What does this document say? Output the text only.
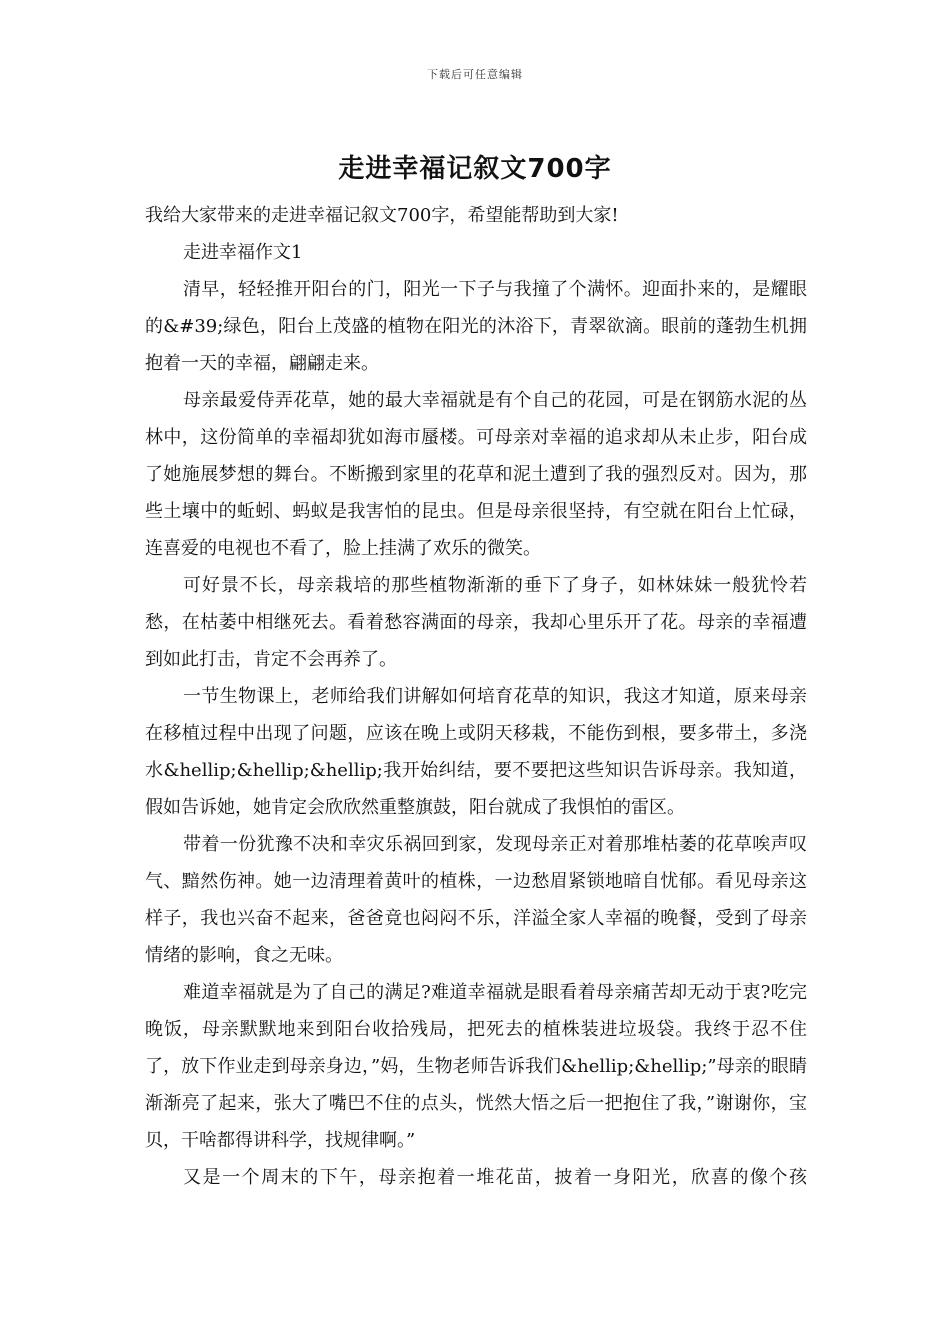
下载后可任意编辑
走进幸福记叙文700字

我给大家带来的走进幸福记叙文700字，希望能帮助到大家!

走进幸福作文1

清早，轻轻推开阳台的门，阳光一下子与我撞了个满怀。迎面扑来的，是耀眼的&#39;绿色，阳台上茂盛的植物在阳光的沐浴下，青翠欲滴。眼前的蓬勃生机拥抱着一天的幸福，翩翩走来。

母亲最爱侍弄花草，她的最大幸福就是有个自己的花园，可是在钢筋水泥的丛林中，这份简单的幸福却犹如海市蜃楼。可母亲对幸福的追求却从未止步，阳台成了她施展梦想的舞台。不断搬到家里的花草和泥土遭到了我的强烈反对。因为，那些土壤中的蚯蚓、蚂蚁是我害怕的昆虫。但是母亲很坚持，有空就在阳台上忙碌，连喜爱的电视也不看了，脸上挂满了欢乐的微笑。

可好景不长，母亲栽培的那些植物渐渐的垂下了身子，如林妹妹一般犹怜若愁，在枯萎中相继死去。看着愁容满面的母亲，我却心里乐开了花。母亲的幸福遭到如此打击，肯定不会再养了。

一节生物课上，老师给我们讲解如何培育花草的知识，我这才知道，原来母亲在移植过程中出现了问题，应该在晚上或阴天移栽，不能伤到根，要多带土，多浇水&hellip;&hellip;&hellip;我开始纠结，要不要把这些知识告诉母亲。我知道，假如告诉她，她肯定会欣欣然重整旗鼓，阳台就成了我惧怕的雷区。

带着一份犹豫不决和幸灾乐祸回到家，发现母亲正对着那堆枯萎的花草唉声叹气、黯然伤神。她一边清理着黄叶的植株，一边愁眉紧锁地暗自忧郁。看见母亲这样子，我也兴奋不起来，爸爸竟也闷闷不乐，洋溢全家人幸福的晚餐，受到了母亲情绪的影响，食之无味。

难道幸福就是为了自己的满足?难道幸福就是眼看着母亲痛苦却无动于衷?吃完晚饭，母亲默默地来到阳台收拾残局，把死去的植株装进垃圾袋。我终于忍不住了，放下作业走到母亲身边，”妈，生物老师告诉我们&hellip;&hellip;”母亲的眼睛渐渐亮了起来，张大了嘴巴不住的点头，恍然大悟之后一把抱住了我，”谢谢你，宝贝，干啥都得讲科学，找规律啊。”

又是一个周末的下午，母亲抱着一堆花苗，披着一身阳光，欣喜的像个孩
